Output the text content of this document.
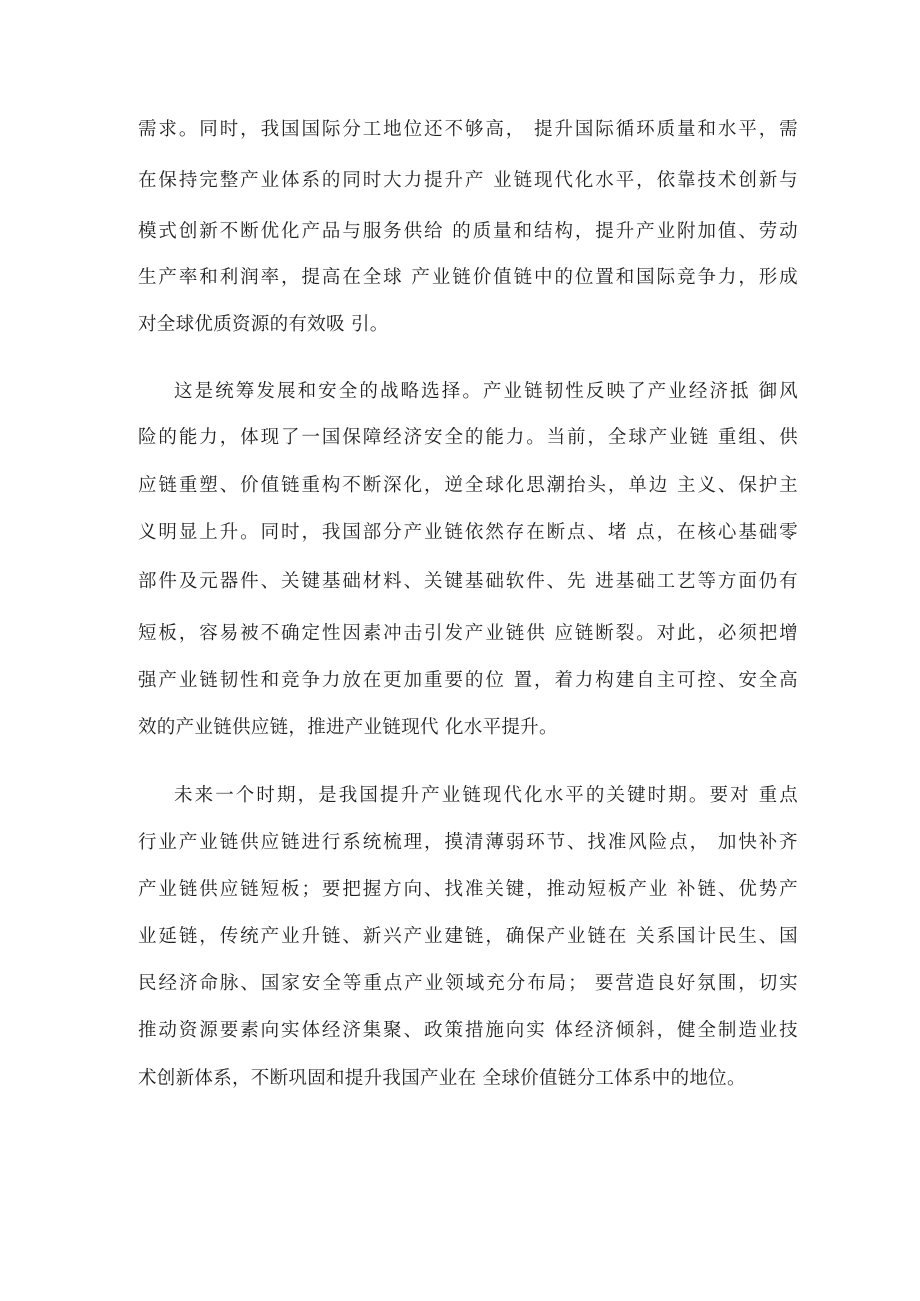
需求。同时，我国国际分工地位还不够高， 提升国际循环质量和水平，需
在保持完整产业体系的同时大力提升产 业链现代化水平，依靠技术创新与
模式创新不断优化产品与服务供给 的质量和结构，提升产业附加值、劳动
生产率和利润率，提高在全球 产业链价值链中的位置和国际竞争力，形成
对全球优质资源的有效吸 引。
这是统筹发展和安全的战略选择。产业链韧性反映了产业经济抵 御风
险的能力，体现了一国保障经济安全的能力。当前，全球产业链 重组、供
应链重塑、价值链重构不断深化，逆全球化思潮抬头，单边 主义、保护主
义明显上升。同时，我国部分产业链依然存在断点、堵 点，在核心基础零
部件及元器件、关键基础材料、关键基础软件、先 进基础工艺等方面仍有
短板，容易被不确定性因素冲击引发产业链供 应链断裂。对此，必须把增
强产业链韧性和竞争力放在更加重要的位 置，着力构建自主可控、安全高
效的产业链供应链，推进产业链现代 化水平提升。
未来一个时期，是我国提升产业链现代化水平的关键时期。要对 重点
行业产业链供应链进行系统梳理，摸清薄弱环节、找准风险点， 加快补齐
产业链供应链短板；要把握方向、找准关键，推动短板产业 补链、优势产
业延链，传统产业升链、新兴产业建链，确保产业链在 关系国计民生、国
民经济命脉、国家安全等重点产业领域充分布局； 要营造良好氛围，切实
推动资源要素向实体经济集聚、政策措施向实 体经济倾斜，健全制造业技
术创新体系，不断巩固和提升我国产业在 全球价值链分工体系中的地位。
